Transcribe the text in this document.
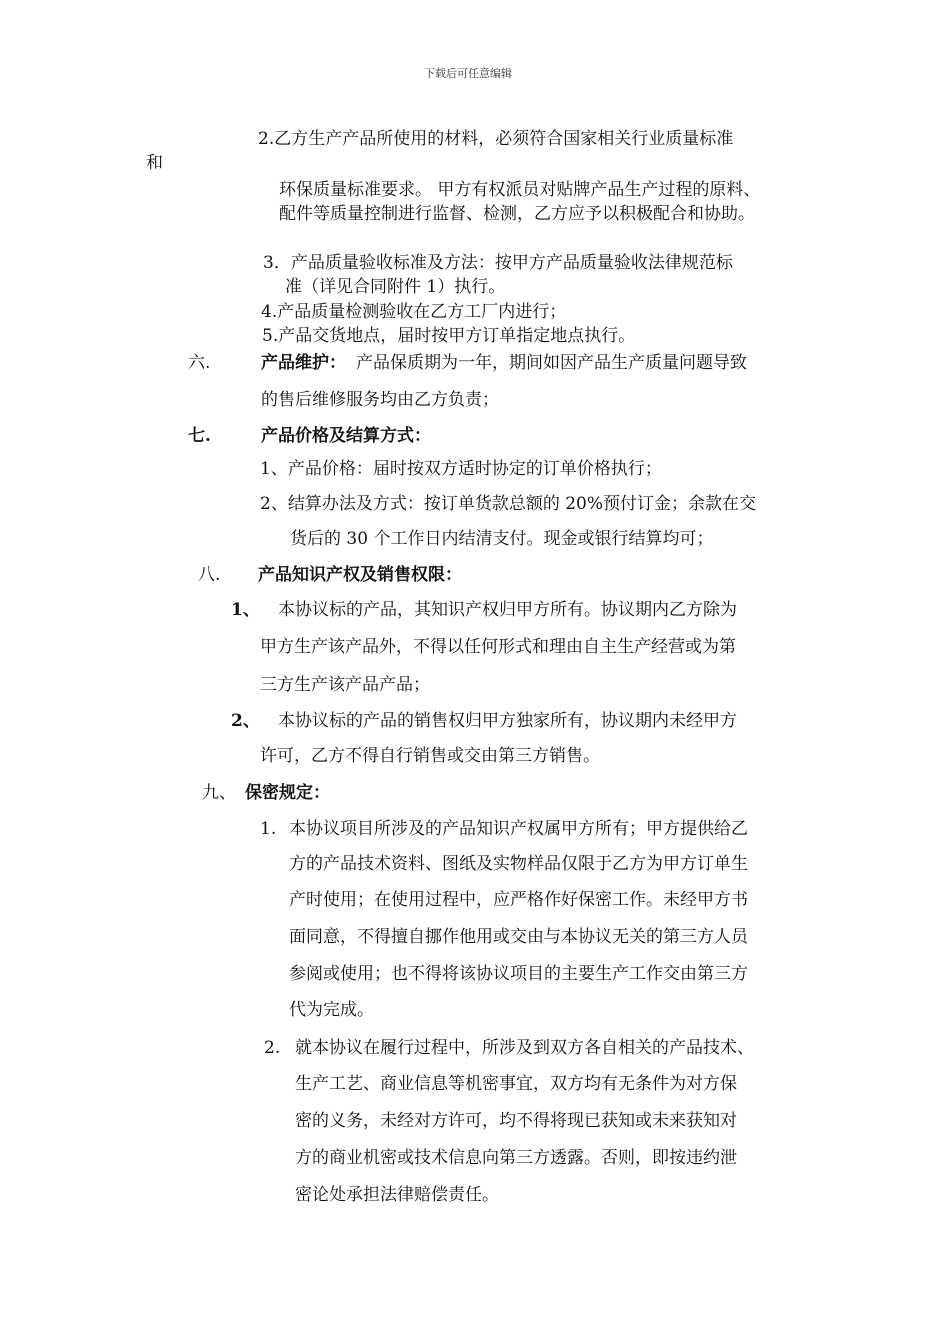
下载后可任意编辑
2.乙方生产产品所使用的材料，必须符合国家相关行业质量标准
和
环保质量标准要求。 甲方有权派员对贴牌产品生产过程的原料、
配件等质量控制进行监督、检测，乙方应予以积极配合和协助。
3．产品质量验收标准及方法：按甲方产品质量验收法律规范标
准（详见合同附件 1）执行。
4.产品质量检测验收在乙方工厂内进行；
5.产品交货地点，届时按甲方订单指定地点执行。
六.	产品维护： 产品保质期为一年，期间如因产品生产质量问题导致
的售后维修服务均由乙方负责；
七.	产品价格及结算方式：
1、产品价格：届时按双方适时协定的订单价格执行；
2、结算办法及方式：按订单货款总额的 20%预付订金；余款在交
货后的 30 个工作日内结清支付。现金或银行结算均可；
八. 产品知识产权及销售权限：
1、 本协议标的产品，其知识产权归甲方所有。协议期内乙方除为
甲方生产该产品外，不得以任何形式和理由自主生产经营或为第
三方生产该产品产品；
2、 本协议标的产品的销售权归甲方独家所有，协议期内未经甲方
许可，乙方不得自行销售或交由第三方销售。
九、 保密规定：
1. 本协议项目所涉及的产品知识产权属甲方所有；甲方提供给乙
方的产品技术资料、图纸及实物样品仅限于乙方为甲方订单生
产时使用；在使用过程中，应严格作好保密工作。未经甲方书
面同意，不得擅自挪作他用或交由与本协议无关的第三方人员
参阅或使用；也不得将该协议项目的主要生产工作交由第三方
代为完成。
2. 就本协议在履行过程中，所涉及到双方各自相关的产品技术、
生产工艺、商业信息等机密事宜，双方均有无条件为对方保
密的义务，未经对方许可，均不得将现已获知或未来获知对
方的商业机密或技术信息向第三方透露。否则，即按违约泄
密论处承担法律赔偿责任。
